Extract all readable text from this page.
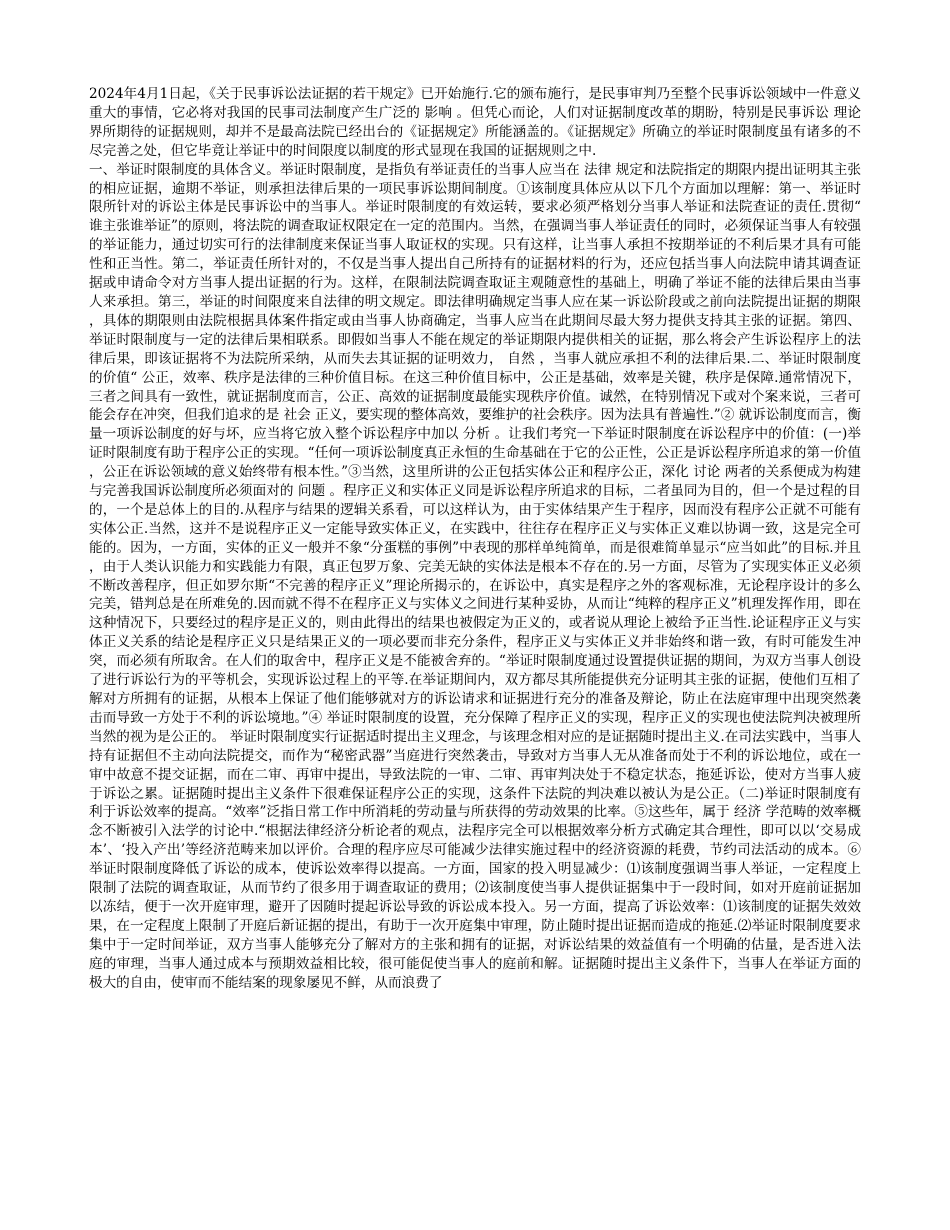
2024年4月1日起，《关于民事诉讼法证据的若干规定》已开始施行.它的颁布施行，是民事审判乃至整个民事诉讼领域中一件意义重大的事情，它必将对我国的民事司法制度产生广泛的 影响 。但凭心而论，人们对证据制度改革的期盼，特别是民事诉讼 理论 界所期待的证据规则，却并不是最高法院已经出台的《证据规定》所能涵盖的。《证据规定》所确立的举证时限制度虽有诸多的不尽完善之处，但它毕竟让举证中的时间限度以制度的形式显现在我国的证据规则之中.

一、举证时限制度的具体含义。举证时限制度，是指负有举证责任的当事人应当在 法律 规定和法院指定的期限内提出证明其主张的相应证据，逾期不举证，则承担法律后果的一项民事诉讼期间制度。①该制度具体应从以下几个方面加以理解：第一、举证时限所针对的诉讼主体是民事诉讼中的当事人。举证时限制度的有效运转，要求必须严格划分当事人举证和法院查证的责任.贯彻“谁主张谁举证”的原则，将法院的调查取证权限定在一定的范围内。当然，在强调当事人举证责任的同时，必须保证当事人有较强的举证能力，通过切实可行的法律制度来保证当事人取证权的实现。只有这样，让当事人承担不按期举证的不利后果才具有可能性和正当性。第二，举证责任所针对的，不仅是当事人提出自己所持有的证据材料的行为，还应包括当事人向法院申请其调查证据或申请命令对方当事人提出证据的行为。这样，在限制法院调查取证主观随意性的基础上，明确了举证不能的法律后果由当事人来承担。第三，举证的时间限度来自法律的明文规定。即法律明确规定当事人应在某一诉讼阶段或之前向法院提出证据的期限，具体的期限则由法院根据具体案件指定或由当事人协商确定，当事人应当在此期间尽最大努力提供支持其主张的证据。第四、举证时限制度与一定的法律后果相联系。即假如当事人不能在规定的举证期限内提供相关的证据，那么将会产生诉讼程序上的法律后果，即该证据将不为法院所采纳，从而失去其证据的证明效力， 自然 ，当事人就应承担不利的法律后果.二、举证时限制度的价值“ 公正，效率、秩序是法律的三种价值目标。在这三种价值目标中，公正是基础，效率是关键，秩序是保障.通常情况下，三者之间具有一致性，就证据制度而言，公正、高效的证据制度最能实现秩序价值。诚然，在特别情况下或对个案来说，三者可能会存在冲突，但我们追求的是 社会 正义，要实现的整体高效，要维护的社会秩序。因为法具有普遍性.”② 就诉讼制度而言，衡量一项诉讼制度的好与坏，应当将它放入整个诉讼程序中加以 分析 。让我们考究一下举证时限制度在诉讼程序中的价值：(一)举证时限制度有助于程序公正的实现。“任何一项诉讼制度真正永恒的生命基础在于它的公正性，公正是诉讼程序所追求的第一价值，公正在诉讼领域的意义始终带有根本性。”③当然，这里所讲的公正包括实体公正和程序公正，深化 讨论 两者的关系便成为构建与完善我国诉讼制度所必须面对的 问题 。程序正义和实体正义同是诉讼程序所追求的目标，二者虽同为目的，但一个是过程的目的，一个是总体上的目的.从程序与结果的逻辑关系看，可以这样认为，由于实体结果产生于程序，因而没有程序公正就不可能有实体公正.当然，这并不是说程序正义一定能导致实体正义，在实践中，往往存在程序正义与实体正义难以协调一致，这是完全可能的。因为，一方面，实体的正义一般并不象“分蛋糕的事例”中表现的那样单纯简单，而是很难简单显示“应当如此”的目标.并且，由于人类认识能力和实践能力有限，真正包罗万象、完美无缺的实体法是根本不存在的.另一方面，尽管为了实现实体正义必须不断改善程序，但正如罗尔斯“不完善的程序正义”理论所揭示的，在诉讼中，真实是程序之外的客观标准，无论程序设计的多么完美，错判总是在所难免的.因而就不得不在程序正义与实体义之间进行某种妥协，从而让“纯粹的程序正义”机理发挥作用，即在这种情况下，只要经过的程序是正义的，则由此得出的结果也被假定为正义的，或者说从理论上被给予正当性.论证程序正义与实体正义关系的结论是程序正义只是结果正义的一项必要而非充分条件，程序正义与实体正义并非始终和谐一致，有时可能发生冲突，而必须有所取舍。在人们的取舍中，程序正义是不能被舍弃的。“举证时限制度通过设置提供证据的期间，为双方当事人创设了进行诉讼行为的平等机会，实现诉讼过程上的平等.在举证期间内，双方都尽其所能提供充分证明其主张的证据，使他们互相了解对方所拥有的证据，从根本上保证了他们能够就对方的诉讼请求和证据进行充分的准备及辩论，防止在法庭审理中出现突然袭击而导致一方处于不利的诉讼境地。”④ 举证时限制度的设置，充分保障了程序正义的实现，程序正义的实现也使法院判决被理所当然的视为是公正的。 举证时限制度实行证据适时提出主义理念，与该理念相对应的是证据随时提出主义.在司法实践中，当事人持有证据但不主动向法院提交，而作为“秘密武器”当庭进行突然袭击，导致对方当事人无从准备而处于不利的诉讼地位，或在一审中故意不提交证据，而在二审、再审中提出，导致法院的一审、二审、再审判决处于不稳定状态，拖延诉讼，使对方当事人疲于诉讼之累。证据随时提出主义条件下很难保证程序公正的实现，这条件下法院的判决难以被认为是公正。（二)举证时限制度有利于诉讼效率的提高。“效率”泛指日常工作中所消耗的劳动量与所获得的劳动效果的比率。⑤这些年，属于 经济 学范畴的效率概念不断被引入法学的讨论中.“根据法律经济分析论者的观点，法程序完全可以根据效率分析方式确定其合理性，即可以以‘交易成本’、‘投入产出’等经济范畴来加以评价。合理的程序应尽可能减少法律实施过程中的经济资源的耗费，节约司法活动的成本。⑥举证时限制度降低了诉讼的成本，使诉讼效率得以提高。一方面，国家的投入明显减少：⑴该制度强调当事人举证，一定程度上限制了法院的调查取证，从而节约了很多用于调查取证的费用；⑵该制度使当事人提供证据集中于一段时间，如对开庭前证据加以冻结，便于一次开庭审理，避开了因随时提起诉讼导致的诉讼成本投入。另一方面，提高了诉讼效率：⑴该制度的证据失效效果，在一定程度上限制了开庭后新证据的提出，有助于一次开庭集中审理，防止随时提出证据而造成的拖延.⑵举证时限制度要求集中于一定时间举证，双方当事人能够充分了解对方的主张和拥有的证据，对诉讼结果的效益值有一个明确的估量，是否进入法庭的审理，当事人通过成本与预期效益相比较，很可能促使当事人的庭前和解。证据随时提出主义条件下，当事人在举证方面的极大的自由，使审而不能结案的现象屡见不鲜，从而浪费了
